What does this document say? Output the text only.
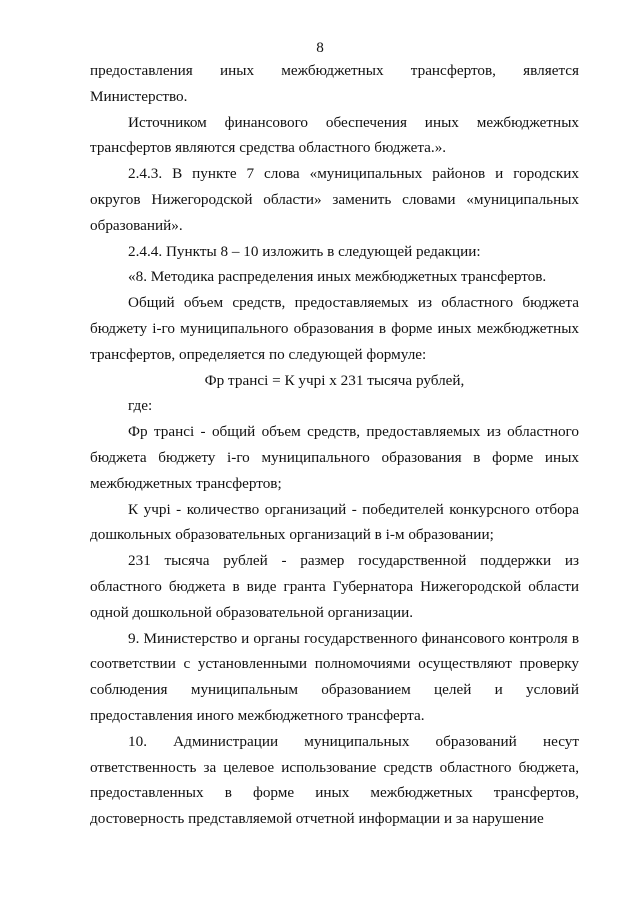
8

предоставления иных межбюджетных трансфертов, является Министерство.

Источником финансового обеспечения иных межбюджетных трансфертов являются средства областного бюджета.».

2.4.3. В пункте 7 слова «муниципальных районов и городских округов Нижегородской области» заменить словами «муниципальных образований».

2.4.4. Пункты 8 – 10 изложить в следующей редакции:

«8. Методика распределения иных межбюджетных трансфертов.

Общий объем средств, предоставляемых из областного бюджета бюджету i-го муниципального образования в форме иных межбюджетных трансфертов, определяется по следующей формуле:

Фр трансi = К учрi х 231 тысяча рублей,

где:

Фр трансi - общий объем средств, предоставляемых из областного бюджета бюджету i-го муниципального образования в форме иных межбюджетных трансфертов;

К учрi - количество организаций - победителей конкурсного отбора дошкольных образовательных организаций в i-м образовании;

231 тысяча рублей - размер государственной поддержки из областного бюджета в виде гранта Губернатора Нижегородской области одной дошкольной образовательной организации.

9. Министерство и органы государственного финансового контроля в соответствии с установленными полномочиями осуществляют проверку соблюдения муниципальным образованием целей и условий предоставления иного межбюджетного трансферта.

10. Администрации муниципальных образований несут ответственность за целевое использование средств областного бюджета, предоставленных в форме иных межбюджетных трансфертов, достоверность представляемой отчетной информации и за нарушение
